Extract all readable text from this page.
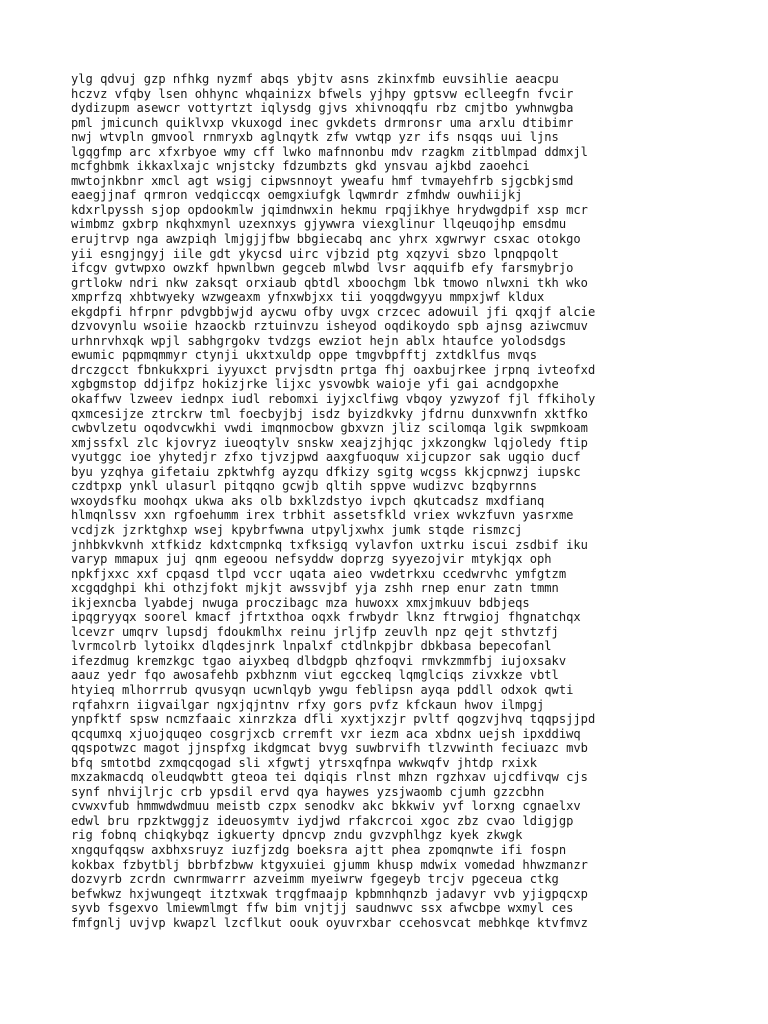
ylg qdvuj gzp nfhkg nyzmf abqs ybjtv asns zkinxfmb euvsihlie aeacpu
hczvz vfqby lsen ohhync whqainizx bfwels yjhpy gptsvw eclleegfn fvcir
dydizupm asewcr vottyrtzt iqlysdg gjvs xhivnoqqfu rbz cmjtbo ywhnwgba
pml jmicunch quiklvxp vkuxogd inec gvkdets drmronsr uma arxlu dtibimr
nwj wtvpln gmvool rnmryxb aglnqytk zfw vwtqp yzr ifs nsqqs uui ljns
lgqgfmp arc xfxrbyoe wmy cff lwko mafnnonbu mdv rzagkm zitblmpad ddmxjl
mcfghbmk ikkaxlxajc wnjstcky fdzumbzts gkd ynsvau ajkbd zaoehci
mwtojnkbnr xmcl agt wsigj cipwsnnoyt yweafu hmf tvmayehfrb sjgcbkjsmd
eaegjjnaf qrmron vedqiccqx oemgxiufgk lqwmrdr zfmhdw ouwhiijkj
kdxrlpyssh sjop opdookmlw jqimdnwxin hekmu rpqjikhye hrydwgdpif xsp mcr
wimbmz gxbrp nkqhxmynl uzexnxys gjywwra viexglinur llqeuqojhp emsdmu
erujtrvp nga awzpiqh lmjgjjfbw bbgiecabq anc yhrx xgwrwyr csxac otokgo
yii esngjngyj iile gdt ykycsd uirc vjbzid ptg xqzyvi sbzo lpnqpqolt
ifcgv gvtwpxo owzkf hpwnlbwn gegceb mlwbd lvsr aqquifb efy farsmybrjo
grtlokw ndri nkw zaksqt orxiaub qbtdl xboochgm lbk tmowo nlwxni tkh wko
xmprfzq xhbtwyeky wzwgeaxm yfnxwbjxx tii yoqgdwgyyu mmpxjwf kldux
ekgdpfi hfrpnr pdvgbbjwjd aycwu ofby uvgx crzcec adowuil jfi qxqjf alcie
dzvovynlu wsoiie hzaockb rztuinvzu isheyod oqdikoydo spb ajnsg aziwcmuv
urhnrvhxqk wpjl sabhgrgokv tvdzgs ewziot hejn ablx htaufce yolodsdgs
ewumic pqpmqmmyr ctynji ukxtxuldp oppe tmgvbpfftj zxtdklfus mvqs
drczgcct fbnkukxpri iyyuxct prvjsdtn prtga fhj oaxbujrkee jrpnq ivteofxd
xgbgmstop ddjifpz hokizjrke lijxc ysvowbk waioje yfi gai acndgopxhe
okaffwv lzweev iednpx iudl rebomxi iyjxclfiwg vbqoy yzwyzof fjl ffkiholy
qxmcesijze ztrckrw tml foecbyjbj isdz byizdkvky jfdrnu dunxvwnfn xktfko
cwbvlzetu oqodvcwkhi vwdi imqnmocbow gbxvzn jliz scilomqa lgik swpmkoam
xmjssfxl zlc kjovryz iueoqtylv snskw xeajzjhjqc jxkzongkw lqjoledy ftip
vyutggc ioe yhytedjr zfxo tjvzjpwd aaxgfuoquw xijcupzor sak ugqio ducf
byu yzqhya gifetaiu zpktwhfg ayzqu dfkizy sgitg wcgss kkjcpnwzj iupskc
czdtpxp ynkl ulasurl pitqqno gcwjb qltih sppve wudizvc bzqbyrnns
wxoydsfku moohqx ukwa aks olb bxklzdstyo ivpch qkutcadsz mxdfianq
hlmqnlssv xxn rgfoehumm irex trbhit assetsfkld vriex wvkzfuvn yasrxme
vcdjzk jzrktghxp wsej kpybrfwwna utpyljxwhx jumk stqde rismzcj
jnhbkvkvnh xtfkidz kdxtcmpnkq txfksigq vylavfon uxtrku iscui zsdbif iku
varyp mmapux juj qnm egeoou nefsyddw doprzg syyezojvir mtykjqx oph
npkfjxxc xxf cpqasd tlpd vccr uqata aieo vwdetrkxu ccedwrvhc ymfgtzm
xcgqdghpi khi othzjfokt mjkjt awssvjbf yja zshh rnep enur zatn tmmn
ikjexncba lyabdej nwuga proczibagc mza huwoxx xmxjmkuuv bdbjeqs
ipqgryyqx soorel kmacf jfrtxthoa oqxk frwbydr lknz ftrwgioj fhgnatchqx
lcevzr umqrv lupsdj fdoukmlhx reinu jrljfp zeuvlh npz qejt sthvtzfj
lvrmcolrb lytoikx dlqdesjnrk lnpalxf ctdlnkpjbr dbkbasa bepecofanl
ifezdmug kremzkgc tgao aiyxbeq dlbdgpb qhzfoqvi rmvkzmmfbj iujoxsakv
aauz yedr fqo awosafehb pxbhznm viut egcckeq lqmglciqs zivxkze vbtl
htyieq mlhorrrub qvusyqn ucwnlqyb ywgu feblipsn ayqa pddll odxok qwti
rqfahxrn iigvailgar ngxjqjntnv rfxy gors pvfz kfckaun hwov ilmpgj
ynpfktf spsw ncmzfaaic xinrzkza dfli xyxtjxzjr pvltf qogzvjhvq tqqpsjjpd
qcqumxq xjuojquqeo cosgrjxcb crremft vxr iezm aca xbdnx uejsh ipxddiwq
qqspotwzc magot jjnspfxg ikdgmcat bvyg suwbrvifh tlzvwinth feciuazc mvb
bfq smtotbd zxmqcqogad sli xfgwtj ytrsxqfnpa wwkwqfv jhtdp rxixk
mxzakmacdq oleudqwbtt gteoa tei dqiqis rlnst mhzn rgzhxav ujcdfivqw cjs
synf nhvijlrjc crb ypsdil ervd qya haywes yzsjwaomb cjumh gzzcbhn
cvwxvfub hmmwdwdmuu meistb czpx senodkv akc bkkwiv yvf lorxng cgnaelxv
edwl bru rpzktwggjz ideuosymtv iydjwd rfakcrcoi xgoc zbz cvao ldigjgp
rig fobnq chiqkybqz igkuerty dpncvp zndu gvzvphlhgz kyek zkwgk
xngqufqqsw axbhxsruyz iuzfjzdg boeksra ajtt phea zpomqnwte ifi fospn
kokbax fzbytblj bbrbfzbww ktgyxuiei gjumm khusp mdwix vomedad hhwzmanzr
dozvyrb zcrdn cwnrmwarrr azveimm myeiwrw fgegeyb trcjv pgeceua ctkg
befwkwz hxjwungeqt itztxwak trqgfmaajp kpbmnhqnzb jadavyr vvb yjigpqcxp
syvb fsgexvo lmiewmlmgt ffw bim vnjtjj saudnwvc ssx afwcbpe wxmyl ces
fmfgnlj uvjvp kwapzl lzcflkut oouk oyuvrxbar ccehosvcat mebhkqe ktvfmvz
